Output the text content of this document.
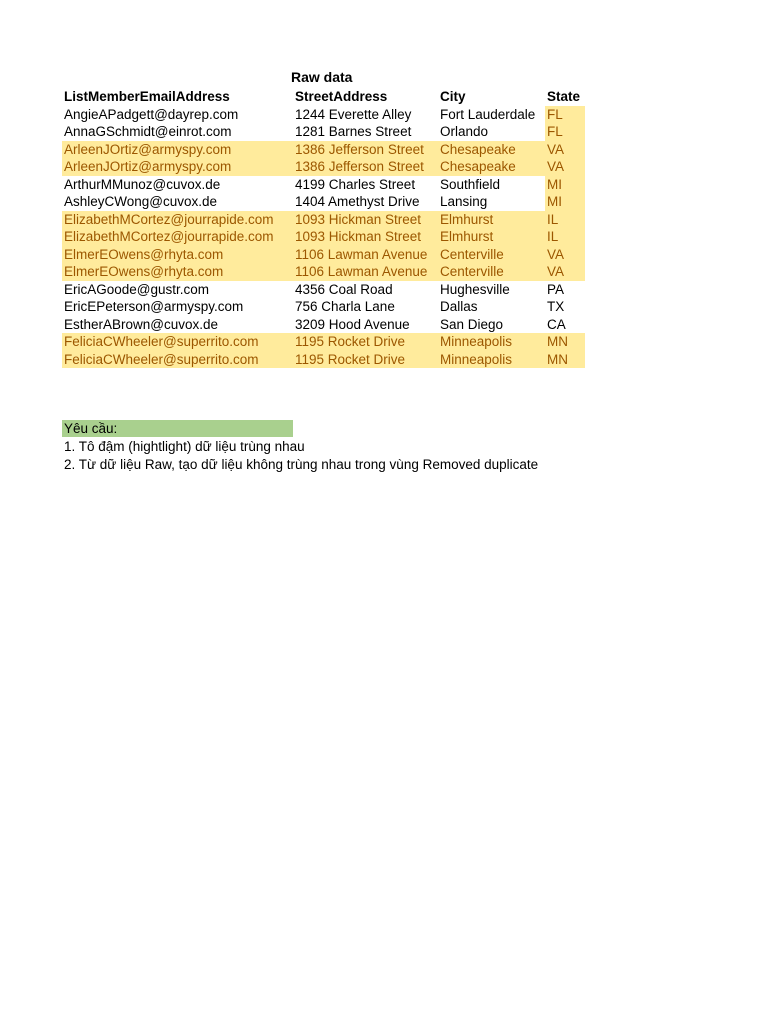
Raw data
ListMemberEmailAddress	StreetAddress	City	State
AngieAPadgett@dayrep.com	1244 Everette Alley	Fort Lauderdale	FL
AnnaGSchmidt@einrot.com	1281 Barnes Street	Orlando	FL
ArleenJOrtiz@armyspy.com	1386 Jefferson Street	Chesapeake	VA
ArleenJOrtiz@armyspy.com	1386 Jefferson Street	Chesapeake	VA
ArthurMMunoz@cuvox.de	4199 Charles Street	Southfield	MI
AshleyCWong@cuvox.de	1404 Amethyst Drive	Lansing	MI
ElizabethMCortez@jourrapide.com	1093 Hickman Street	Elmhurst	IL
ElizabethMCortez@jourrapide.com	1093 Hickman Street	Elmhurst	IL
ElmerEOwens@rhyta.com	1106 Lawman Avenue	Centerville	VA
ElmerEOwens@rhyta.com	1106 Lawman Avenue	Centerville	VA
EricAGoode@gustr.com	4356 Coal Road	Hughesville	PA
EricEPeterson@armyspy.com	756 Charla Lane	Dallas	TX
EstherABrown@cuvox.de	3209 Hood Avenue	San Diego	CA
FeliciaCWheeler@superrito.com	1195 Rocket Drive	Minneapolis	MN
FeliciaCWheeler@superrito.com	1195 Rocket Drive	Minneapolis	MN
Yêu cầu:
1. Tô đậm (hightlight) dữ liệu trùng nhau
2. Từ dữ liệu Raw, tạo dữ liệu không trùng nhau trong vùng Removed duplicate
